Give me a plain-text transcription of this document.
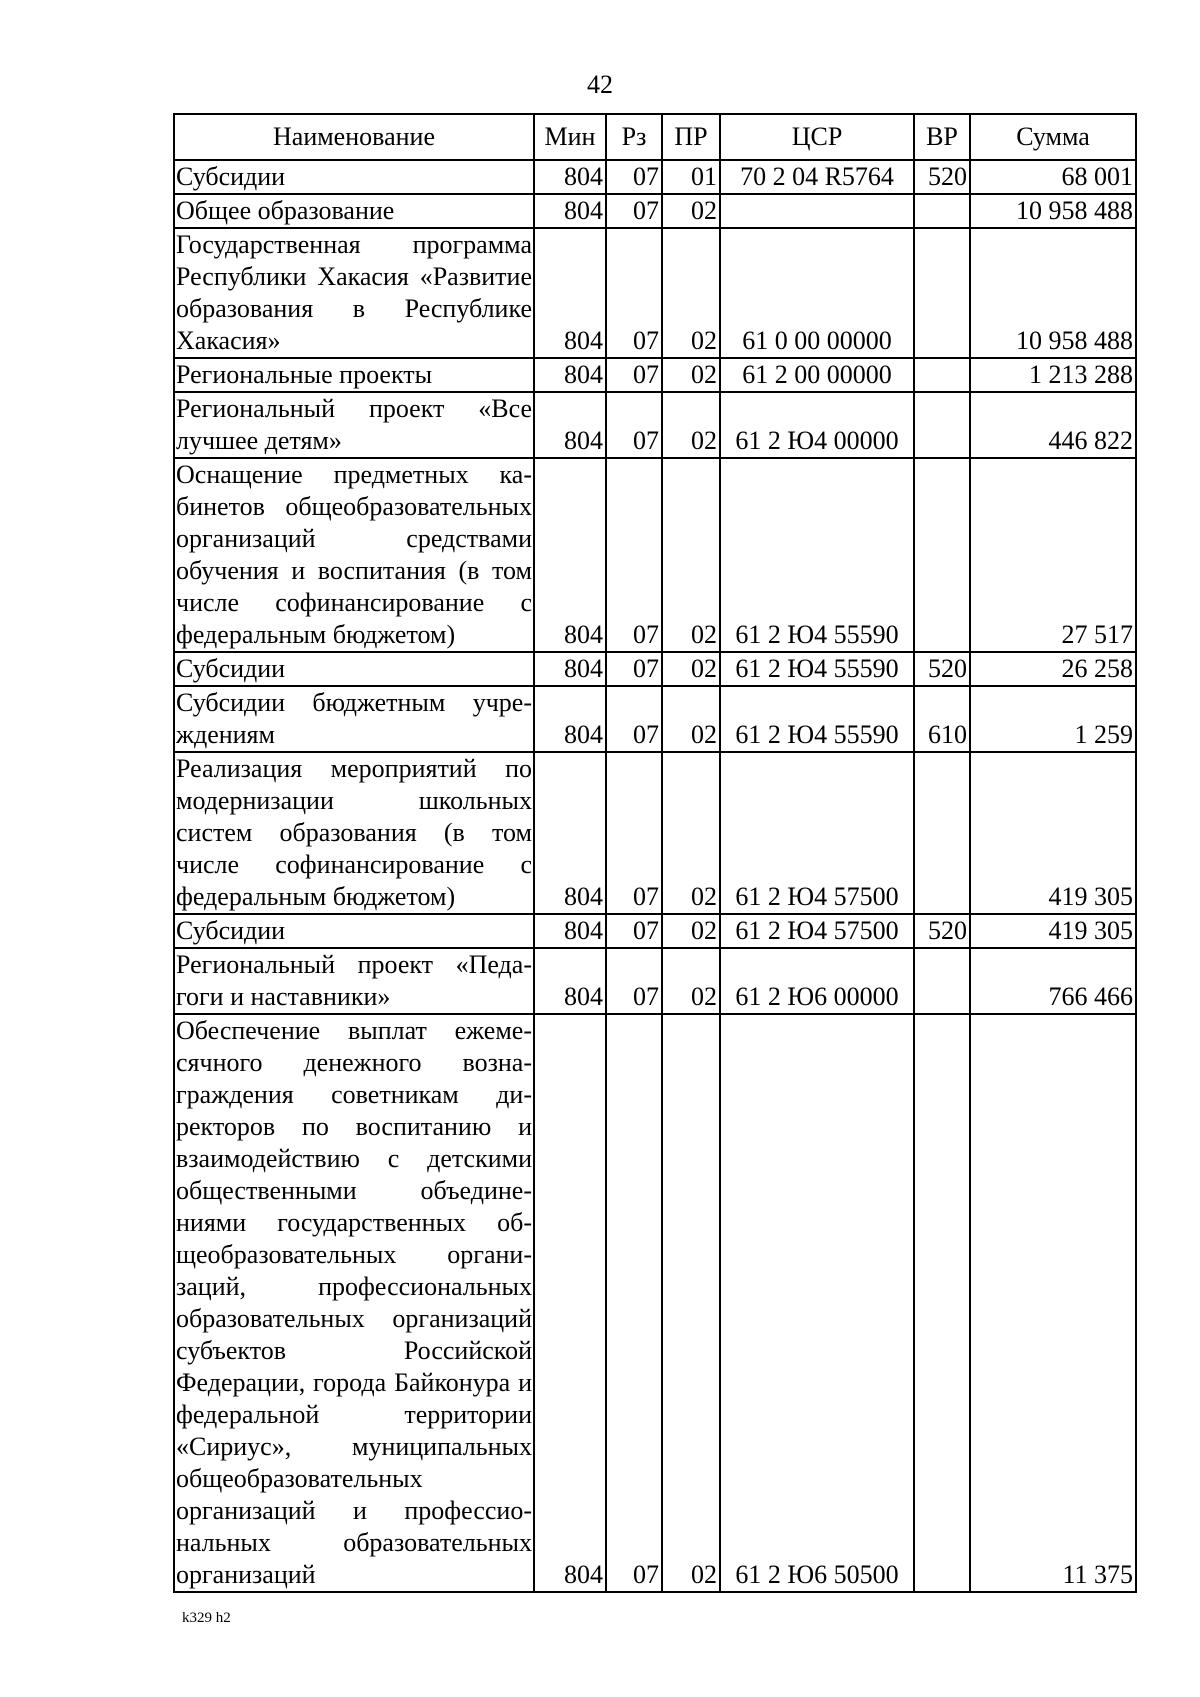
42
Наименование	Мин	Рз	ПР	ЦСР	ВР	Сумма
Субсидии	804	07	01	70 2 04 R5764	520	68 001
Общее образование	804	07	02			10 958 488
Государственная программа Республики Хакасия «Развитие образования в Республике Хакасия»	804	07	02	61 0 00 00000		10 958 488
Региональные проекты	804	07	02	61 2 00 00000		1 213 288
Региональный проект «Все лучшее детям»	804	07	02	61 2 Ю4 00000		446 822
Оснащение предметных кабинетов общеобразовательных организаций средствами обучения и воспитания (в том числе софинансирование с федеральным бюджетом)	804	07	02	61 2 Ю4 55590		27 517
Субсидии	804	07	02	61 2 Ю4 55590	520	26 258
Субсидии бюджетным учреждениям	804	07	02	61 2 Ю4 55590	610	1 259
Реализация мероприятий по модернизации школьных систем образования (в том числе софинансирование с федеральным бюджетом)	804	07	02	61 2 Ю4 57500		419 305
Субсидии	804	07	02	61 2 Ю4 57500	520	419 305
Региональный проект «Педагоги и наставники»	804	07	02	61 2 Ю6 00000		766 466
Обеспечение выплат ежемесячного денежного вознаграждения советникам директоров по воспитанию и взаимодействию с детскими общественными объединениями государственных общеобразовательных организаций, профессиональных образовательных организаций субъектов Российской Федерации, города Байконура и федеральной территории «Сириус», муниципальных общеобразовательных организаций и профессиональных образовательных организаций	804	07	02	61 2 Ю6 50500		11 375
k329 h2
